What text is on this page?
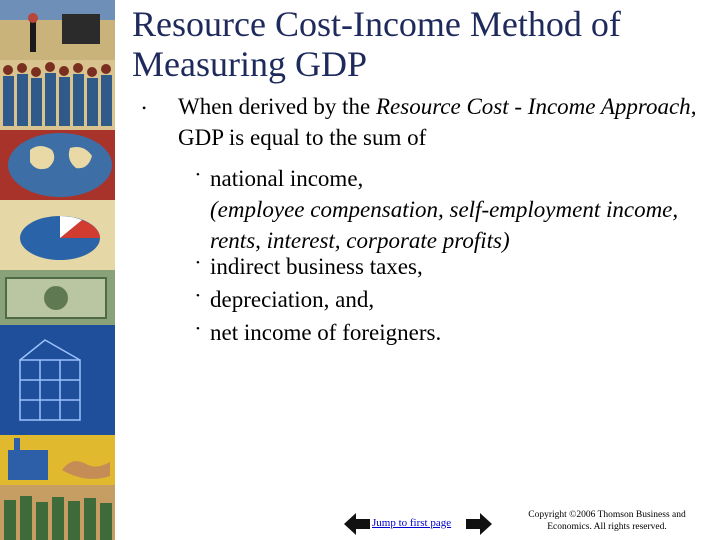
Resource Cost-Income Method of Measuring GDP
• When derived by the Resource Cost - Income Approach, GDP is equal to the sum of
• national income,
(employee compensation, self-employment income, rents, interest, corporate profits)
• indirect business taxes,
• depreciation, and,
• net income of foreigners.
Jump to first page
Copyright ©2006 Thomson Business and Economics. All rights reserved.
